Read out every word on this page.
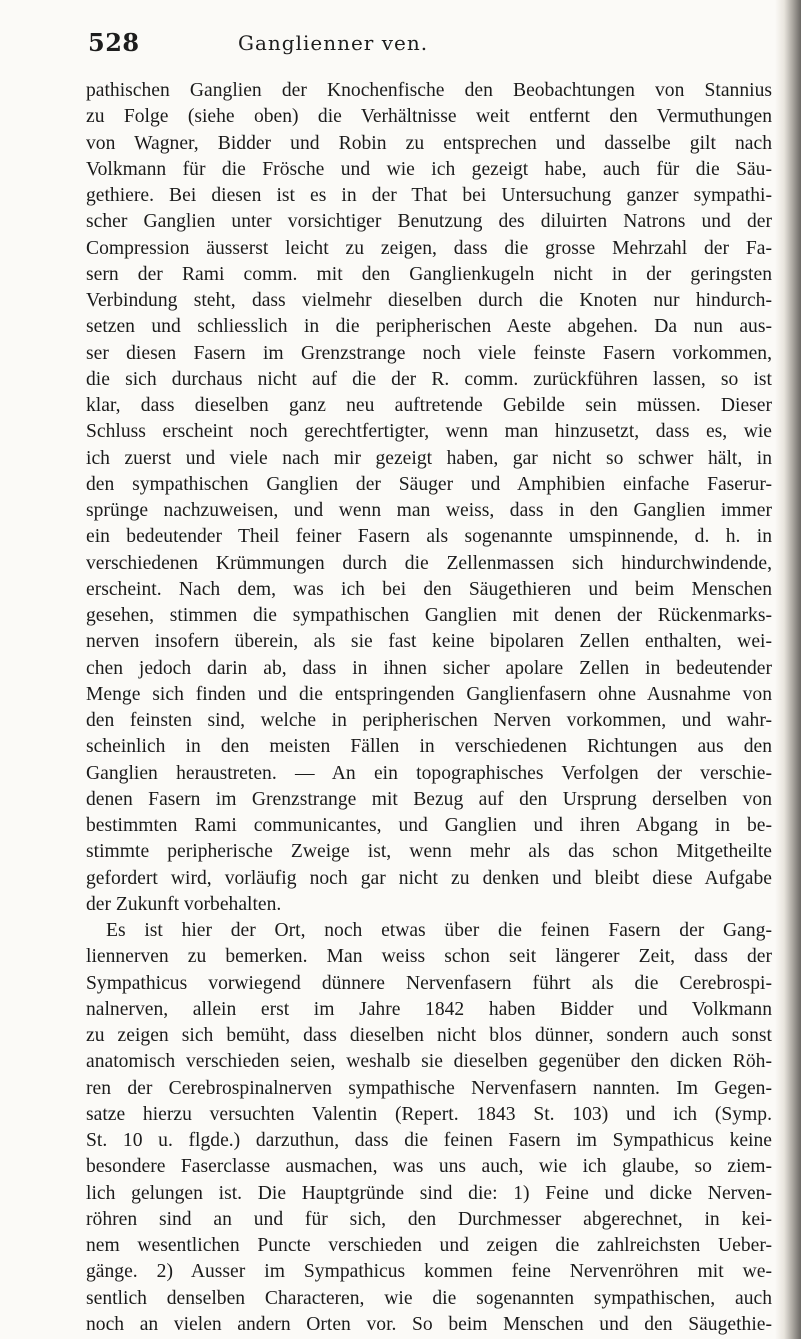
528	Ganglienner ven.
pathischen Ganglien der Knochenfische den Beobachtungen von Stannius
zu Folge (siehe oben) die Verhältnisse weit entfernt den Vermuthungen
von Wagner, Bidder und Robin zu entsprechen und dasselbe gilt nach
Volkmann für die Frösche und wie ich gezeigt habe, auch für die Säu-
gethiere. Bei diesen ist es in der That bei Untersuchung ganzer sympathi-
scher Ganglien unter vorsichtiger Benutzung des diluirten Natrons und der
Compression äusserst leicht zu zeigen, dass die grosse Mehrzahl der Fa-
sern der Rami comm. mit den Ganglienkugeln nicht in der geringsten
Verbindung steht, dass vielmehr dieselben durch die Knoten nur hindurch-
setzen und schliesslich in die peripherischen Aeste abgehen. Da nun aus-
ser diesen Fasern im Grenzstrange noch viele feinste Fasern vorkommen,
die sich durchaus nicht auf die der R. comm. zurückführen lassen, so ist
klar, dass dieselben ganz neu auftretende Gebilde sein müssen. Dieser
Schluss erscheint noch gerechtfertigter, wenn man hinzusetzt, dass es, wie
ich zuerst und viele nach mir gezeigt haben, gar nicht so schwer hält, in
den sympathischen Ganglien der Säuger und Amphibien einfache Faserur-
sprünge nachzuweisen, und wenn man weiss, dass in den Ganglien immer
ein bedeutender Theil feiner Fasern als sogenannte umspinnende, d. h. in
verschiedenen Krümmungen durch die Zellenmassen sich hindurchwindende,
erscheint. Nach dem, was ich bei den Säugethieren und beim Menschen
gesehen, stimmen die sympathischen Ganglien mit denen der Rückenmarks-
nerven insofern überein, als sie fast keine bipolaren Zellen enthalten, wei-
chen jedoch darin ab, dass in ihnen sicher apolare Zellen in bedeutender
Menge sich finden und die entspringenden Ganglienfasern ohne Ausnahme von
den feinsten sind, welche in peripherischen Nerven vorkommen, und wahr-
scheinlich in den meisten Fällen in verschiedenen Richtungen aus den
Ganglien heraustreten. — An ein topographisches Verfolgen der verschie-
denen Fasern im Grenzstrange mit Bezug auf den Ursprung derselben von
bestimmten Rami communicantes, und Ganglien und ihren Abgang in be-
stimmte peripherische Zweige ist, wenn mehr als das schon Mitgetheilte
gefordert wird, vorläufig noch gar nicht zu denken und bleibt diese Aufgabe
der Zukunft vorbehalten.
Es ist hier der Ort, noch etwas über die feinen Fasern der Gang-
liennerven zu bemerken. Man weiss schon seit längerer Zeit, dass der
Sympathicus vorwiegend dünnere Nervenfasern führt als die Cerebrospi-
nalnerven, allein erst im Jahre 1842 haben Bidder und Volkmann
zu zeigen sich bemüht, dass dieselben nicht blos dünner, sondern auch sonst
anatomisch verschieden seien, weshalb sie dieselben gegenüber den dicken Röh-
ren der Cerebrospinalnerven sympathische Nervenfasern nannten. Im Gegen-
satze hierzu versuchten Valentin (Repert. 1843 St. 103) und ich (Symp.
St. 10 u. flgde.) darzuthun, dass die feinen Fasern im Sympathicus keine
besondere Faserclasse ausmachen, was uns auch, wie ich glaube, so ziem-
lich gelungen ist. Die Hauptgründe sind die: 1) Feine und dicke Nerven-
röhren sind an und für sich, den Durchmesser abgerechnet, in kei-
nem wesentlichen Puncte verschieden und zeigen die zahlreichsten Ueber-
gänge. 2) Ausser im Sympathicus kommen feine Nervenröhren mit we-
sentlich denselben Characteren, wie die sogenannten sympathischen, auch
noch an vielen andern Orten vor. So beim Menschen und den Säugethie-
